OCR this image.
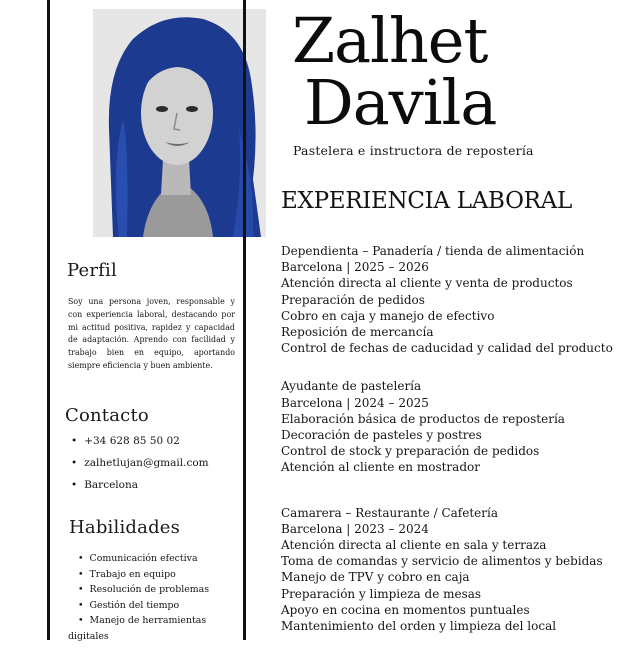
Zalhet
Davila
Pastelera e instructora de repostería
EXPERIENCIA LABORAL
Dependienta – Panadería / tienda de alimentación
Barcelona | 2025 – 2026
Atención directa al cliente y venta de productos
Preparación de pedidos
Cobro en caja y manejo de efectivo
Reposición de mercancía
Control de fechas de caducidad y calidad del producto
Ayudante de pastelería
Barcelona | 2024 – 2025
Elaboración básica de productos de repostería
Decoración de pasteles y postres
Control de stock y preparación de pedidos
Atención al cliente en mostrador
Camarera – Restaurante / Cafetería
Barcelona | 2023 – 2024
Atención directa al cliente en sala y terraza
Toma de comandas y servicio de alimentos y bebidas
Manejo de TPV y cobro en caja
Preparación y limpieza de mesas
Apoyo en cocina en momentos puntuales
Mantenimiento del orden y limpieza del local
Perfil
Soy una persona joven, responsable y con experiencia laboral, destacando por mi actitud positiva, rapidez y capacidad de adaptación. Aprendo con facilidad y trabajo bien en equipo, aportando siempre eficiencia y buen ambiente.
Contacto
• +34 628 85 50 02
• zalhetlujan@gmail.com
• Barcelona
Habilidades
• Comunicación efectiva
• Trabajo en equipo
• Resolución de problemas
• Gestión del tiempo
• Manejo de herramientas digitales
